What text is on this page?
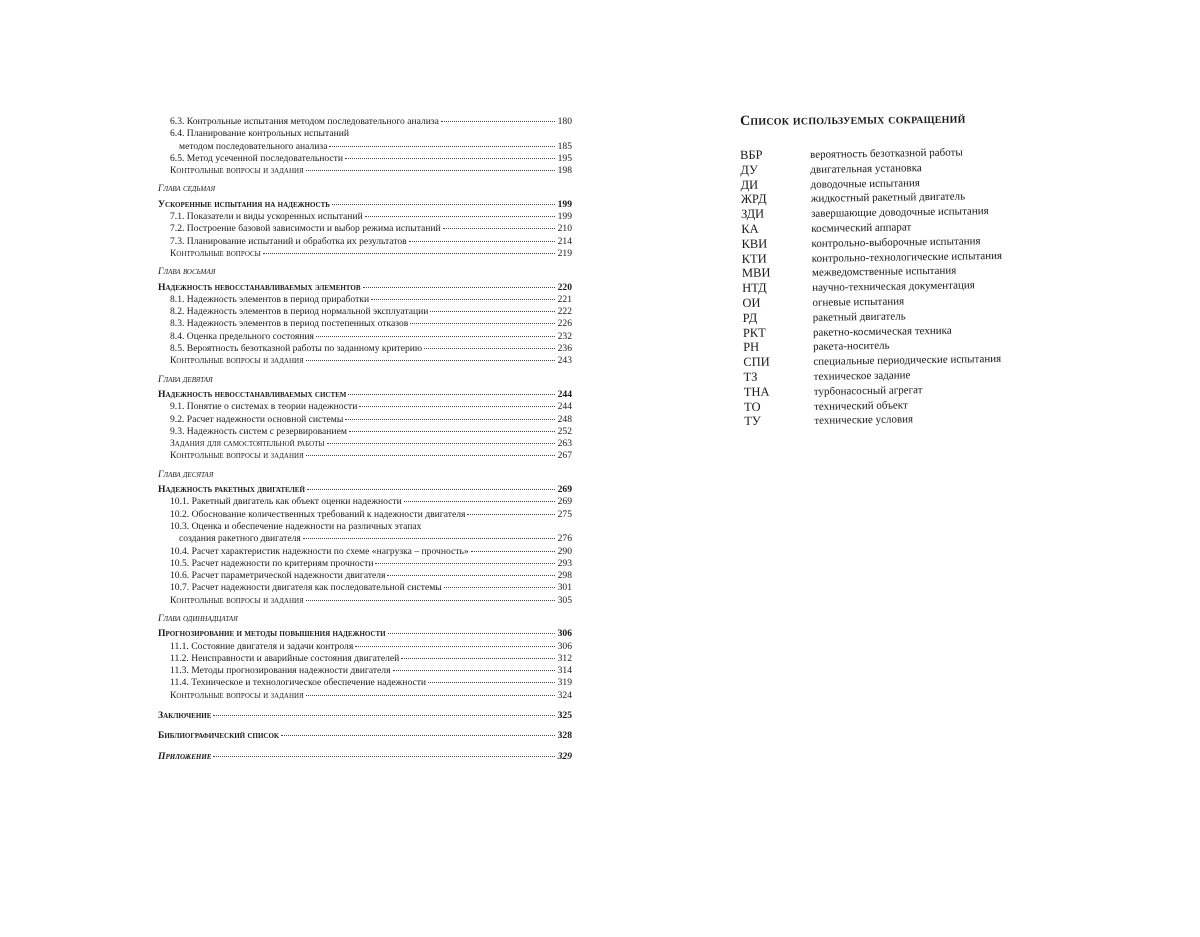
6.3. Контрольные испытания методом последовательного анализа	180
6.4. Планирование контрольных испытаний
методом последовательного анализа	185
6.5. Метод усеченной последовательности	195
Контрольные вопросы и задания	198
Глава седьмая
Ускоренные испытания на надежность	199
7.1. Показатели и виды ускоренных испытаний	199
7.2. Построение базовой зависимости и выбор режима испытаний	210
7.3. Планирование испытаний и обработка их результатов	214
Контрольные вопросы	219
Глава восьмая
Надежность невосстанавливаемых элементов	220
8.1. Надежность элементов в период приработки	221
8.2. Надежность элементов в период нормальной эксплуатации	222
8.3. Надежность элементов в период постепенных отказов	226
8.4. Оценка предельного состояния	232
8.5. Вероятность безотказной работы по заданному критерию	236
Контрольные вопросы и задания	243
Глава девятая
Надежность невосстанавливаемых систем	244
9.1. Понятие о системах в теории надежности	244
9.2. Расчет надежности основной системы	248
9.3. Надежность систем с резервированием	252
Задания для самостоятельной работы	263
Контрольные вопросы и задания	267
Глава десятая
Надежность ракетных двигателей	269
10.1. Ракетный двигатель как объект оценки надежности	269
10.2. Обоснование количественных требований к надежности двигателя	275
10.3. Оценка и обеспечение надежности на различных этапах
создания ракетного двигателя	276
10.4. Расчет характеристик надежности по схеме «нагрузка – прочность»	290
10.5. Расчет надежности по критериям прочности	293
10.6. Расчет параметрической надежности двигателя	298
10.7. Расчет надежности двигателя как последовательной системы	301
Контрольные вопросы и задания	305
Глава одиннадцатая
Прогнозирование и методы повышения надежности	306
11.1. Состояние двигателя и задачи контроля	306
11.2. Неисправности и аварийные состояния двигателей	312
11.3. Методы прогнозирования надежности двигателя	314
11.4. Техническое и технологическое обеспечение надежности	319
Контрольные вопросы и задания	324
Заключение	325
Библиографический список	328
Приложение	329
Список используемых сокращений
ВБР	вероятность безотказной работы
ДУ	двигательная установка
ДИ	доводочные испытания
ЖРД	жидкостный ракетный двигатель
ЗДИ	завершающие доводочные испытания
КА	космический аппарат
КВИ	контрольно-выборочные испытания
КТИ	контрольно-технологические испытания
МВИ	межведомственные испытания
НТД	научно-техническая документация
ОИ	огневые испытания
РД	ракетный двигатель
РКТ	ракетно-космическая техника
РН	ракета-носитель
СПИ	специальные периодические испытания
ТЗ	техническое задание
ТНА	турбонасосный агрегат
ТО	технический объект
ТУ	технические условия
